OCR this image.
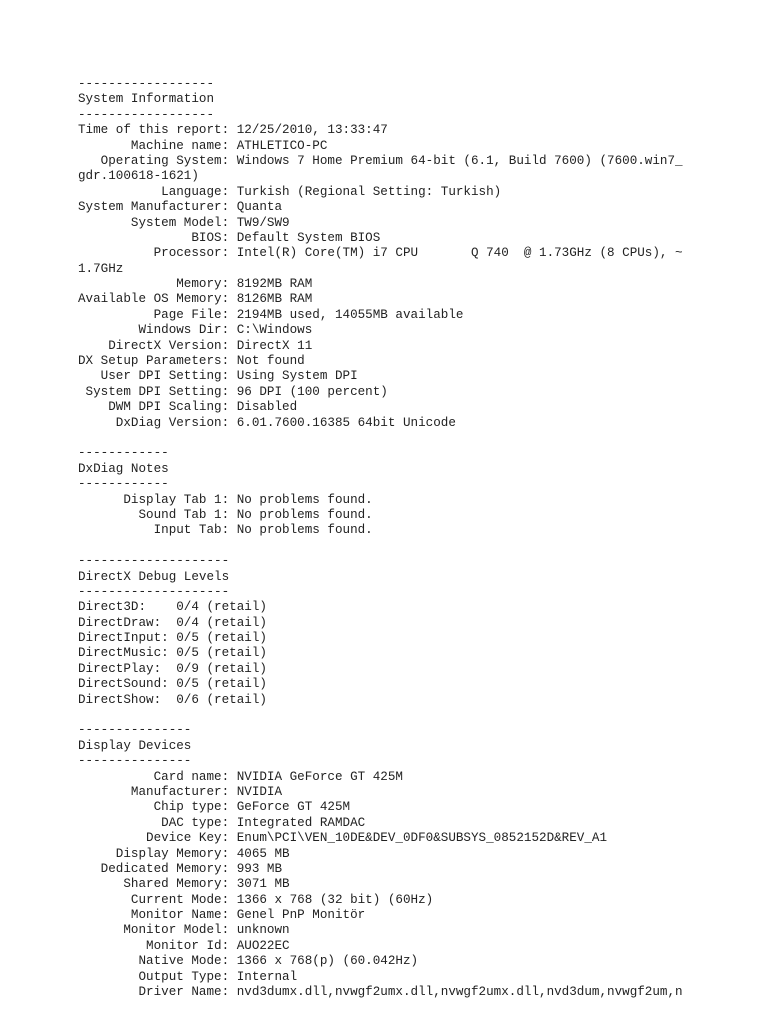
------------------
System Information
------------------
Time of this report: 12/25/2010, 13:33:47
Machine name: ATHLETICO-PC
Operating System: Windows 7 Home Premium 64-bit (6.1, Build 7600) (7600.win7_
gdr.100618-1621)
Language: Turkish (Regional Setting: Turkish)
System Manufacturer: Quanta
System Model: TW9/SW9
BIOS: Default System BIOS
Processor: Intel(R) Core(TM) i7 CPU       Q 740  @ 1.73GHz (8 CPUs), ~
1.7GHz
Memory: 8192MB RAM
Available OS Memory: 8126MB RAM
Page File: 2194MB used, 14055MB available
Windows Dir: C:\Windows
DirectX Version: DirectX 11
DX Setup Parameters: Not found
User DPI Setting: Using System DPI
System DPI Setting: 96 DPI (100 percent)
DWM DPI Scaling: Disabled
DxDiag Version: 6.01.7600.16385 64bit Unicode
------------
DxDiag Notes
------------
Display Tab 1: No problems found.
Sound Tab 1: No problems found.
Input Tab: No problems found.
--------------------
DirectX Debug Levels
--------------------
Direct3D:    0/4 (retail)
DirectDraw:  0/4 (retail)
DirectInput: 0/5 (retail)
DirectMusic: 0/5 (retail)
DirectPlay:  0/9 (retail)
DirectSound: 0/5 (retail)
DirectShow:  0/6 (retail)
---------------
Display Devices
---------------
Card name: NVIDIA GeForce GT 425M
Manufacturer: NVIDIA
Chip type: GeForce GT 425M
DAC type: Integrated RAMDAC
Device Key: Enum\PCI\VEN_10DE&DEV_0DF0&SUBSYS_0852152D&REV_A1
Display Memory: 4065 MB
Dedicated Memory: 993 MB
Shared Memory: 3071 MB
Current Mode: 1366 x 768 (32 bit) (60Hz)
Monitor Name: Genel PnP Monitör
Monitor Model: unknown
Monitor Id: AUO22EC
Native Mode: 1366 x 768(p) (60.042Hz)
Output Type: Internal
Driver Name: nvd3dumx.dll,nvwgf2umx.dll,nvwgf2umx.dll,nvd3dum,nvwgf2um,n
